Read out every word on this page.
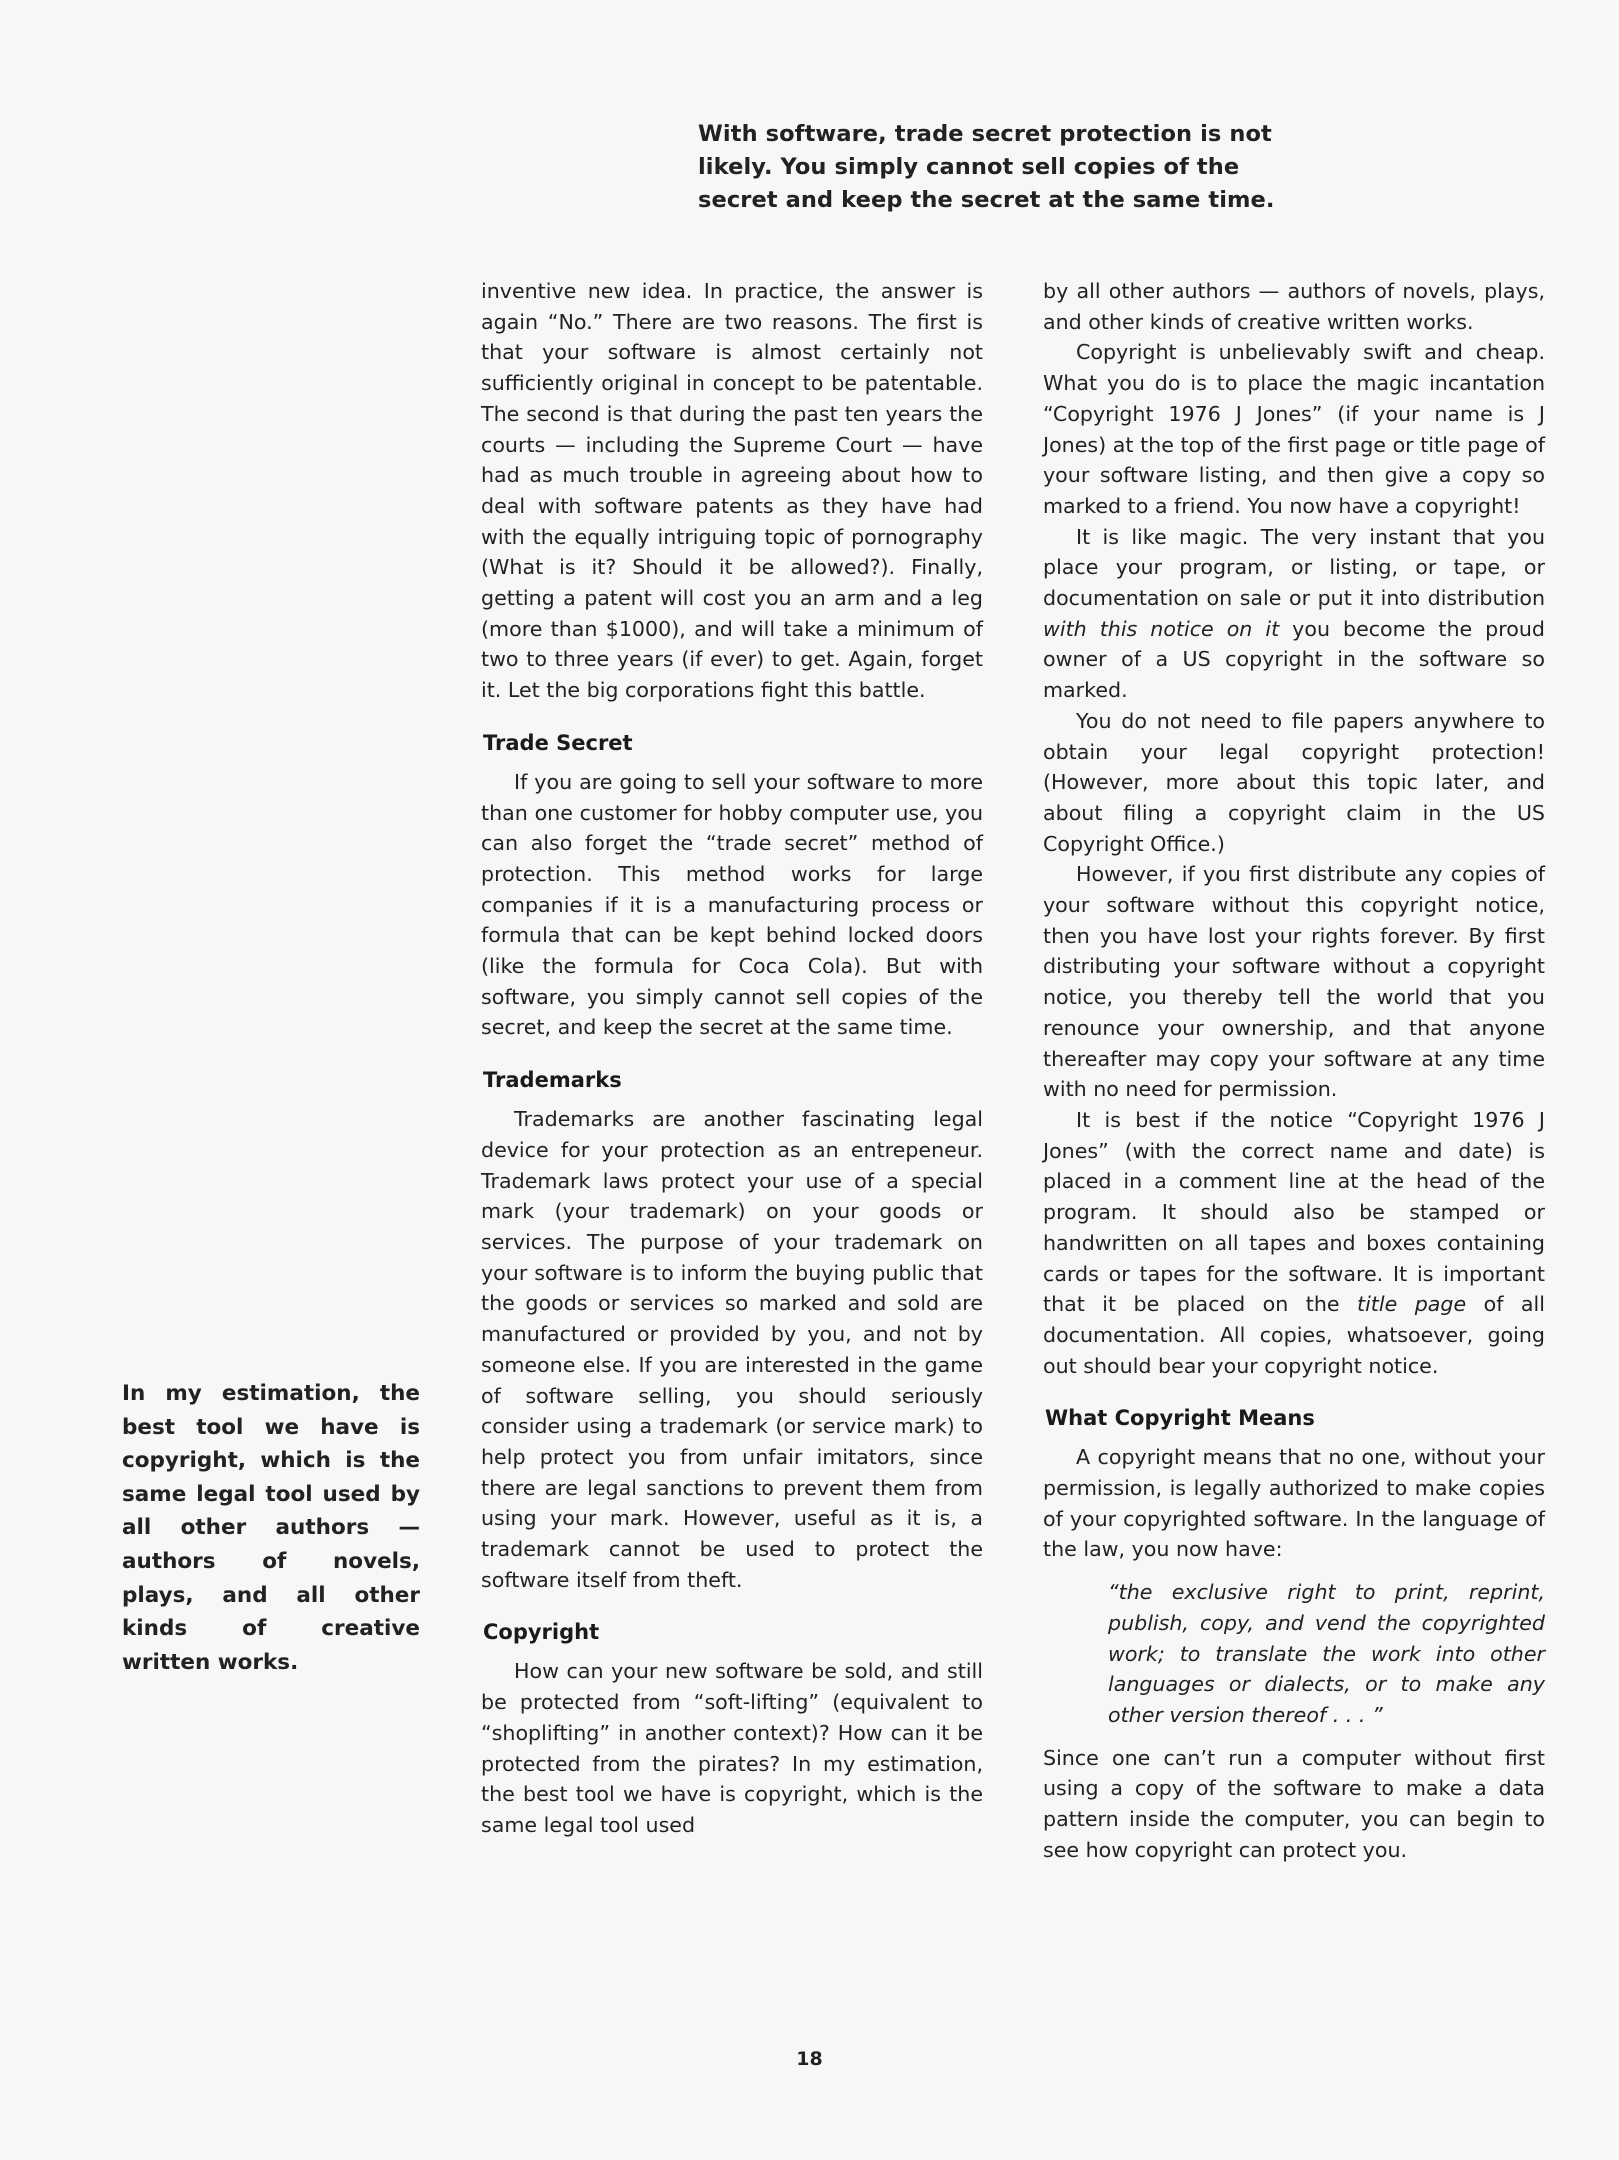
With software, trade secret protection is not likely. You simply cannot sell copies of the secret and keep the secret at the same time.
In my estimation, the best tool we have is copyright, which is the same legal tool used by all other authors — authors of novels, plays, and all other kinds of creative written works.

inventive new idea. In practice, the answer is again “No.” There are two reasons. The first is that your software is almost certainly not sufficiently original in concept to be patentable. The second is that during the past ten years the courts — including the Supreme Court — have had as much trouble in agreeing about how to deal with software patents as they have had with the equally intriguing topic of pornography (What is it? Should it be allowed?). Finally, getting a patent will cost you an arm and a leg (more than $1000), and will take a minimum of two to three years (if ever) to get. Again, forget it. Let the big corporations fight this battle.

Trade Secret

If you are going to sell your software to more than one customer for hobby computer use, you can also forget the “trade secret” method of protection. This method works for large companies if it is a manufacturing process or formula that can be kept behind locked doors (like the formula for Coca Cola). But with software, you simply cannot sell copies of the secret, and keep the secret at the same time.

Trademarks

Trademarks are another fascinating legal device for your protection as an entrepeneur. Trademark laws protect your use of a special mark (your trademark) on your goods or services. The purpose of your trademark on your software is to inform the buying public that the goods or services so marked and sold are manufactured or provided by you, and not by someone else. If you are interested in the game of software selling, you should seriously consider using a trademark (or service mark) to help protect you from unfair imitators, since there are legal sanctions to prevent them from using your mark. However, useful as it is, a trademark cannot be used to protect the software itself from theft.

Copyright

How can your new software be sold, and still be protected from “soft-lifting” (equivalent to “shoplifting” in another context)? How can it be protected from the pirates? In my estimation, the best tool we have is copyright, which is the same legal tool used

by all other authors — authors of novels, plays, and other kinds of creative written works.

Copyright is unbelievably swift and cheap. What you do is to place the magic incantation “Copyright 1976 J Jones” (if your name is J Jones) at the top of the first page or title page of your software listing, and then give a copy so marked to a friend. You now have a copyright!

It is like magic. The very instant that you place your program, or listing, or tape, or documentation on sale or put it into distribution with this notice on it you become the proud owner of a US copyright in the software so marked.

You do not need to file papers anywhere to obtain your legal copyright protection! (However, more about this topic later, and about filing a copyright claim in the US Copyright Office.)

However, if you first distribute any copies of your software without this copyright notice, then you have lost your rights forever. By first distributing your software without a copyright notice, you thereby tell the world that you renounce your ownership, and that anyone thereafter may copy your software at any time with no need for permission.

It is best if the notice “Copyright 1976 J Jones” (with the correct name and date) is placed in a comment line at the head of the program. It should also be stamped or handwritten on all tapes and boxes containing cards or tapes for the software. It is important that it be placed on the title page of all documentation. All copies, whatsoever, going out should bear your copyright notice.

What Copyright Means

A copyright means that no one, without your permission, is legally authorized to make copies of your copyrighted software. In the language of the law, you now have:

“the exclusive right to print, reprint, publish, copy, and vend the copyrighted work; to translate the work into other languages or dialects, or to make any other version thereof . . . ”

Since one can’t run a computer without first using a copy of the software to make a data pattern inside the computer, you can begin to see how copyright can protect you.

18
